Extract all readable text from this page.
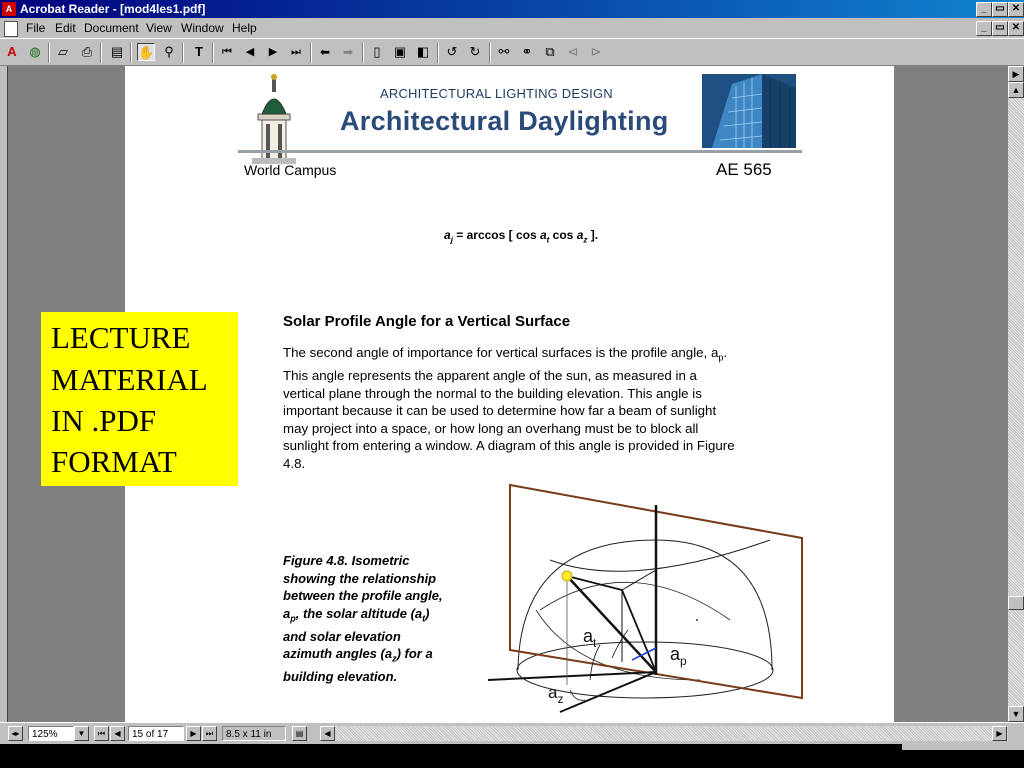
A Acrobat Reader - [mod4les1.pdf]	_ ▭ ✕
File Edit Document View Window Help	_ ▭ ✕
A ◍	▱	⎙ ▤ ✋ ⚲	T	⏮	◀	▶	⏭	⬅	➡	▯	▣ ◧ ↺ ↻ ⚯ ⚭ ⧉ ⊲ ⊳
ARCHITECTURAL LIGHTING DESIGN
Architectural Daylighting
World Campus	AE 565
$a_j = \arccos$ [ $\cos a_t$ $\cos a_z$ ].
Solar Profile Angle for a Vertical Surface

The second angle of importance for vertical surfaces is the profile angle, $a_p$.
This angle represents the apparent angle of the sun, as measured in a
vertical plane through the normal to the building elevation. This angle is
important because it can be used to determine how far a beam of sunlight
may project into a space, or how long an overhang must be to block all
sunlight from entering a window. A diagram of this angle is provided in Figure
4.8.

Figure 4.8. Isometric
showing the relationship
between the profile angle,
$a_p$, the solar altitude $(a_t)$
and solar elevation
azimuth angles $(a_z)$ for a
building elevation.
$a_t$
$a_p$
$a_z$
LECTURE
MATERIAL
IN .PDF
FORMAT
▶
▲
▼
◂▸	125%	▼	⏮	◀	15 of 17	▶	⏭	8.5 x 11 in	▤	◀	▶
